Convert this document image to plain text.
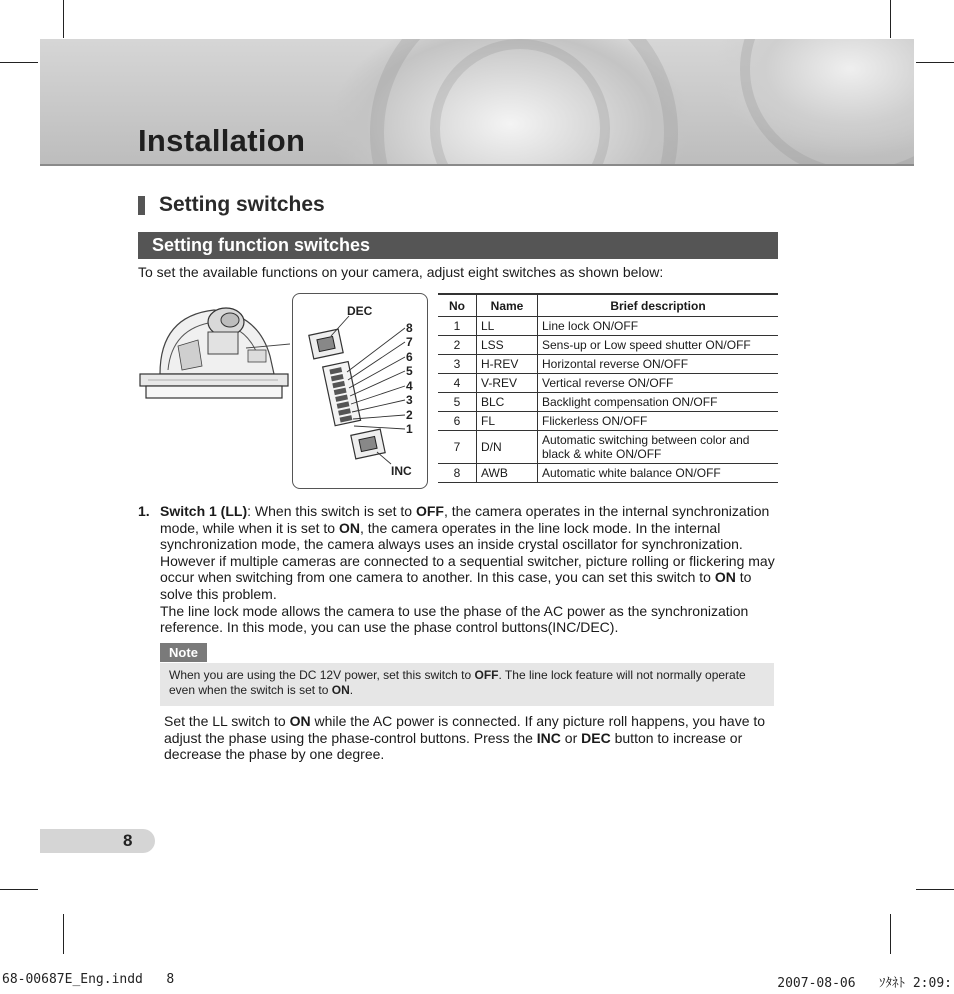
Installation
Setting switches
Setting function switches
To set the available functions on your camera, adjust eight switches as shown below:
DEC
8
7
6
5
4
3
2
1
INC
No	Name	Brief description
1	LL	Line lock ON/OFF
2	LSS	Sens-up or Low speed shutter ON/OFF
3	H-REV	Horizontal reverse ON/OFF
4	V-REV	Vertical reverse ON/OFF
5	BLC	Backlight compensation ON/OFF
6	FL	Flickerless ON/OFF
7	D/N	Automatic switching between color and black & white ON/OFF
8	AWB	Automatic white balance ON/OFF
1. Switch 1 (LL): When this switch is set to OFF, the camera operates in the internal synchronization mode, while when it is set to ON, the camera operates in the line lock mode. In the internal synchronization mode, the camera always uses an inside crystal oscillator for synchronization. However if multiple cameras are connected to a sequential switcher, picture rolling or flickering may occur when switching from one camera to another. In this case, you can set this switch to ON to solve this problem.
The line lock mode allows the camera to use the phase of the AC power as the synchronization reference. In this mode, you can use the phase control buttons(INC/DEC).
Note
When you are using the DC 12V power, set this switch to OFF. The line lock feature will not normally operate even when the switch is set to ON.
Set the LL switch to ON while the AC power is connected. If any picture roll happens, you have to adjust the phase using the phase-control buttons. Press the INC or DEC button to increase or decrease the phase by one degree.
8
68-00687E_Eng.indd   8	2007-08-06   ｿﾀﾈﾄ 2:09:
